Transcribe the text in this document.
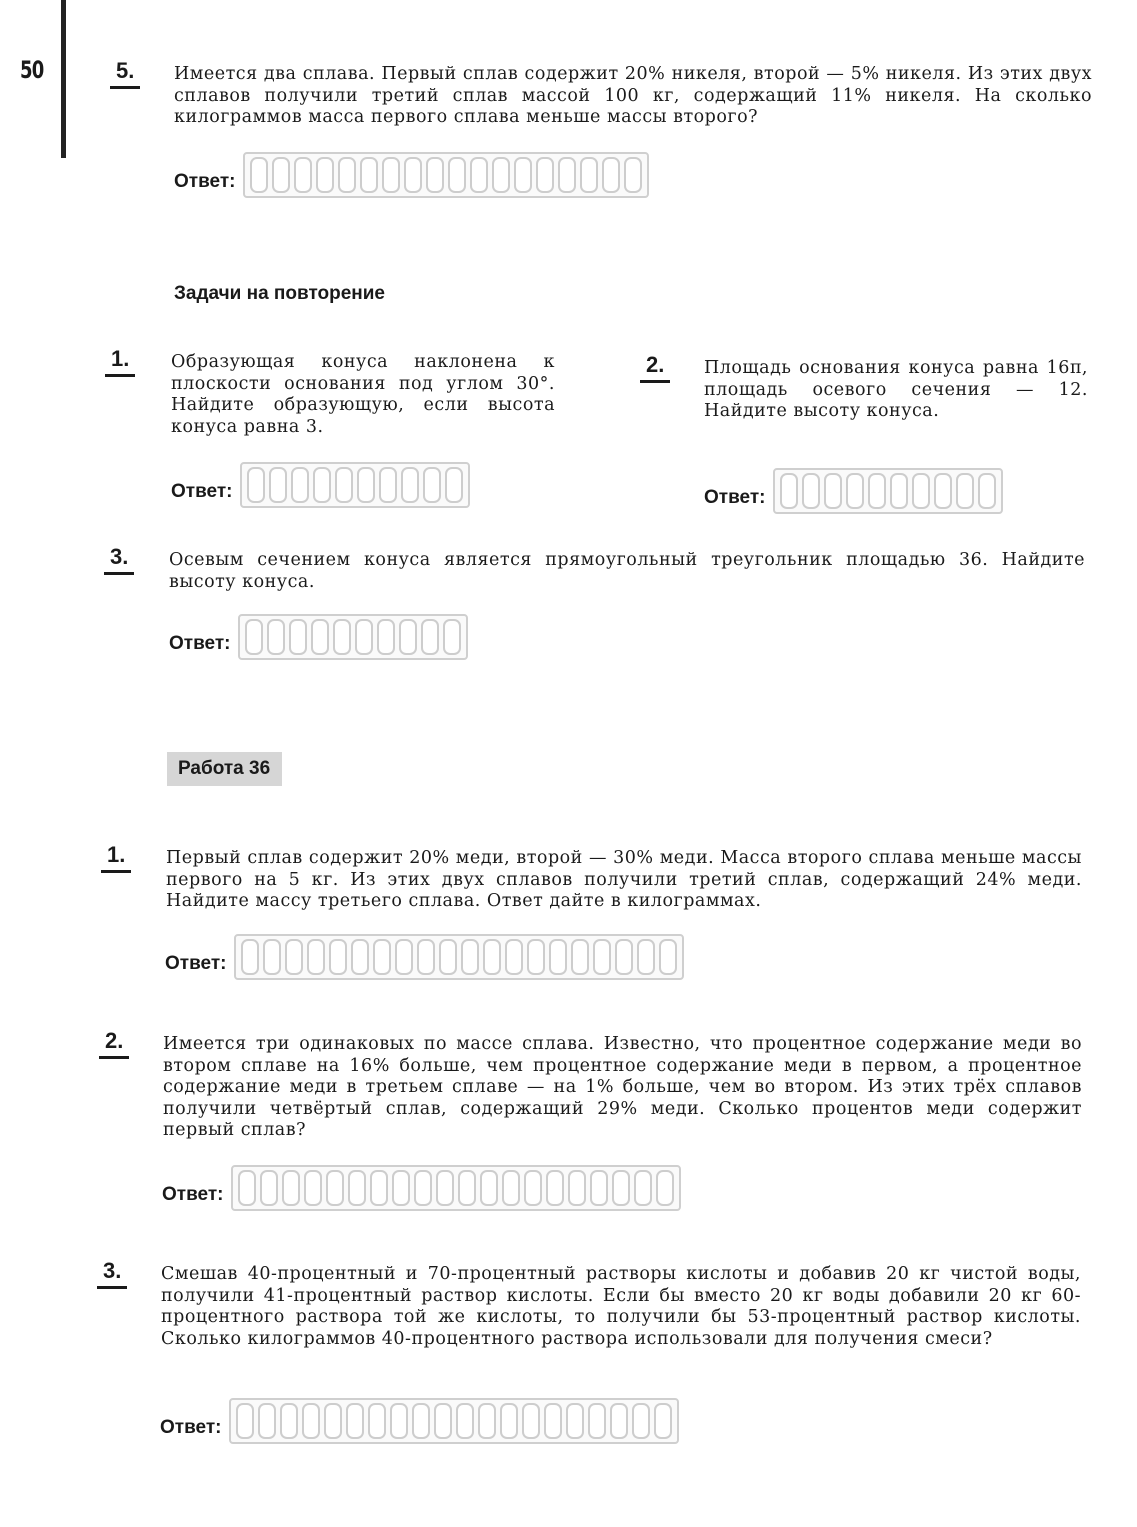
50	5.	Имеется два сплава. Первый сплав содержит 20% никеля, второй — 5% никеля. Из этих двух сплавов получили третий сплав массой 100 кг, содержащий 11% никеля. На сколько килограммов масса первого сплава меньше массы второго?
Ответ:
Задачи на повторение
1.	Образующая конуса наклонена к плоскости основания под углом 30°. Найдите образующую, если высота конуса равна 3.
Ответ:
2.	Площадь основания конуса равна 16π, площадь осевого сечения — 12. Найдите высоту конуса.
Ответ:
3.	Осевым сечением конуса является прямоугольный треугольник площадью 36. Найдите высоту конуса.
Ответ:
Работа 36
1.	Первый сплав содержит 20% меди, второй — 30% меди. Масса второго сплава меньше массы первого на 5 кг. Из этих двух сплавов получили третий сплав, содержащий 24% меди. Найдите массу третьего сплава. Ответ дайте в килограммах.
Ответ:
2.	Имеется три одинаковых по массе сплава. Известно, что процентное содержание меди во втором сплаве на 16% больше, чем процентное содержание меди в первом, а процентное содержание меди в третьем сплаве — на 1% больше, чем во втором. Из этих трёх сплавов получили четвёртый сплав, содержащий 29% меди. Сколько процентов меди содержит первый сплав?
Ответ:
3.	Смешав 40-процентный и 70-процентный растворы кислоты и добавив 20 кг чистой воды, получили 41-процентный раствор кислоты. Если бы вместо 20 кг воды добавили 20 кг 60-процентного раствора той же кислоты, то получили бы 53-процентный раствор кислоты. Сколько килограммов 40-процентного раствора использовали для получения смеси?
Ответ:
